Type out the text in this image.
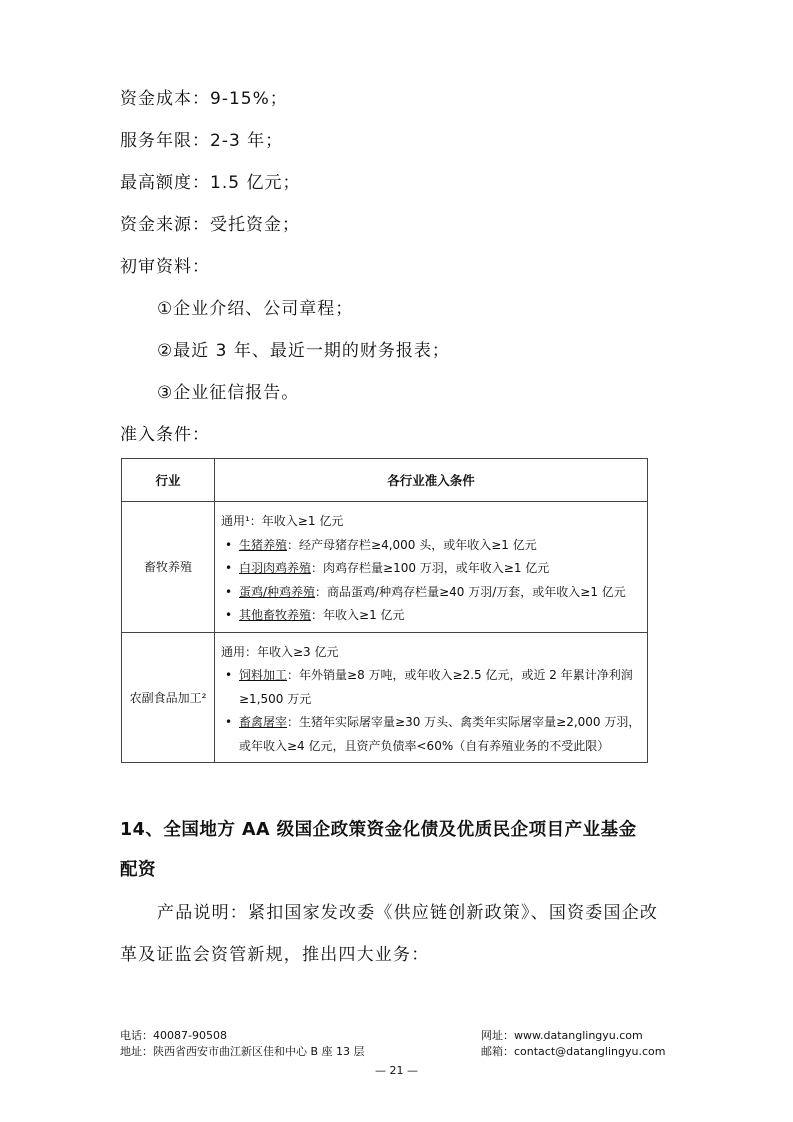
资金成本：9-15%；
服务年限：2-3 年；
最高额度：1.5 亿元；
资金来源：受托资金；
初审资料：
①企业介绍、公司章程；
②最近 3 年、最近一期的财务报表；
③企业征信报告。
准入条件：
行业	各行业准入条件
畜牧养殖	通用¹：年收入≥1 亿元
• 生猪养殖：经产母猪存栏≥4,000 头，或年收入≥1 亿元
• 白羽肉鸡养殖：肉鸡存栏量≥100 万羽，或年收入≥1 亿元
• 蛋鸡/种鸡养殖：商品蛋鸡/种鸡存栏量≥40 万羽/万套，或年收入≥1 亿元
• 其他畜牧养殖：年收入≥1 亿元

农副食品加工²	通用：年收入≥3 亿元
• 饲料加工：年外销量≥8 万吨，或年收入≥2.5 亿元，或近 2 年累计净利润
≥1,500 万元
• 畜禽屠宰：生猪年实际屠宰量≥30 万头、禽类年实际屠宰量≥2,000 万羽，
或年收入≥4 亿元，且资产负债率<60%（自有养殖业务的不受此限）
14、全国地方 AA 级国企政策资金化债及优质民企项目产业基金
配资
产品说明：紧扣国家发改委《供应链创新政策》、国资委国企改
革及证监会资管新规，推出四大业务：
电话：40087-90508
地址：陕西省西安市曲江新区佳和中心 B 座 13 层
网址：www.datanglingyu.com
邮箱：contact@datanglingyu.com
— 21 —
